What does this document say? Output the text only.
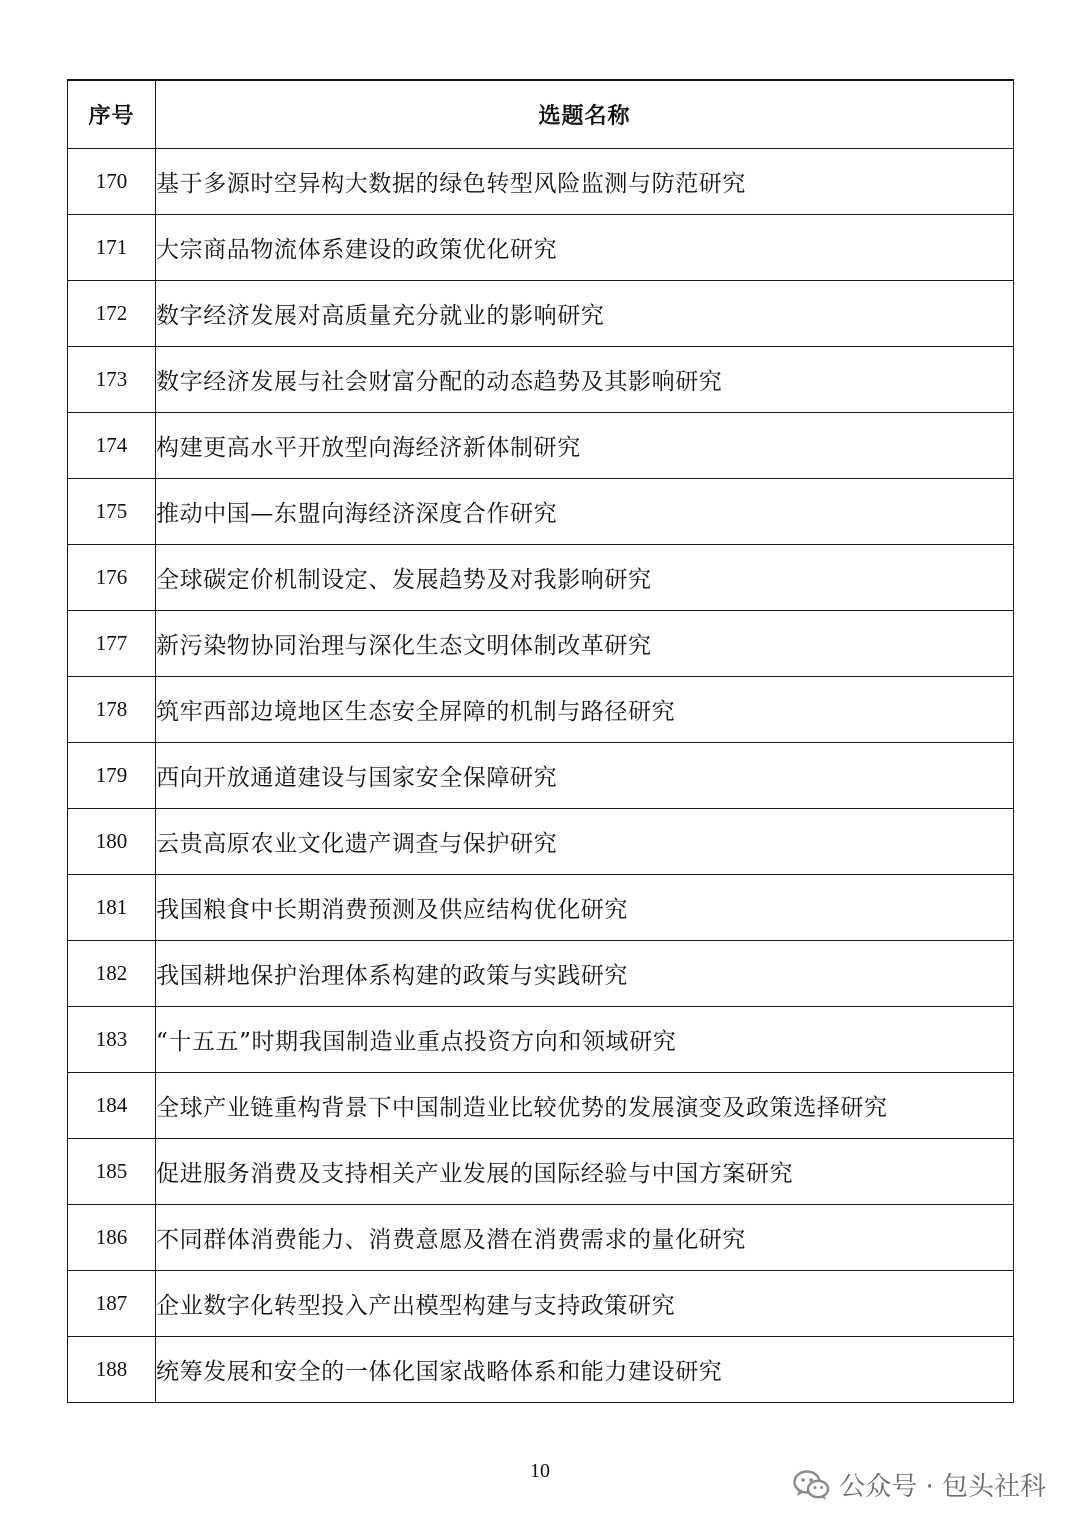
序号	选题名称
170	基于多源时空异构大数据的绿色转型风险监测与防范研究
171	大宗商品物流体系建设的政策优化研究
172	数字经济发展对高质量充分就业的影响研究
173	数字经济发展与社会财富分配的动态趋势及其影响研究
174	构建更高水平开放型向海经济新体制研究
175	推动中国—东盟向海经济深度合作研究
176	全球碳定价机制设定、发展趋势及对我影响研究
177	新污染物协同治理与深化生态文明体制改革研究
178	筑牢西部边境地区生态安全屏障的机制与路径研究
179	西向开放通道建设与国家安全保障研究
180	云贵高原农业文化遗产调查与保护研究
181	我国粮食中长期消费预测及供应结构优化研究
182	我国耕地保护治理体系构建的政策与实践研究
183	“十五五”时期我国制造业重点投资方向和领域研究
184	全球产业链重构背景下中国制造业比较优势的发展演变及政策选择研究
185	促进服务消费及支持相关产业发展的国际经验与中国方案研究
186	不同群体消费能力、消费意愿及潜在消费需求的量化研究
187	企业数字化转型投入产出模型构建与支持政策研究
188	统筹发展和安全的一体化国家战略体系和能力建设研究
10
公众号 · 包头社科
